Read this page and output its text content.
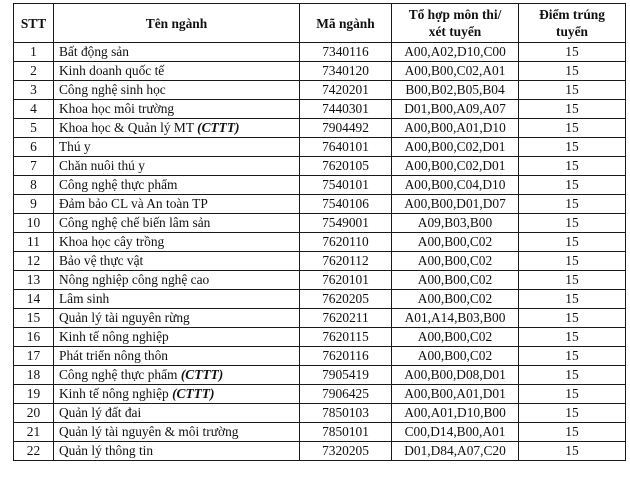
STT	Tên ngành	Mã ngành	Tổ hợp môn thi/ xét tuyển	Điểm trúng tuyển
1	Bất động sản	7340116	A00,A02,D10,C00	15
2	Kinh doanh quốc tế	7340120	A00,B00,C02,A01	15
3	Công nghệ sinh học	7420201	B00,B02,B05,B04	15
4	Khoa học môi trường	7440301	D01,B00,A09,A07	15
5	Khoa học & Quản lý MT (CTTT)	7904492	A00,B00,A01,D10	15
6	Thú y	7640101	A00,B00,C02,D01	15
7	Chăn nuôi thú y	7620105	A00,B00,C02,D01	15
8	Công nghệ thực phẩm	7540101	A00,B00,C04,D10	15
9	Đảm bảo CL và An toàn TP	7540106	A00,B00,D01,D07	15
10	Công nghệ chế biến lâm sản	7549001	A09,B03,B00	15
11	Khoa học cây trồng	7620110	A00,B00,C02	15
12	Bảo vệ thực vật	7620112	A00,B00,C02	15
13	Nông nghiệp công nghệ cao	7620101	A00,B00,C02	15
14	Lâm sinh	7620205	A00,B00,C02	15
15	Quản lý tài nguyên rừng	7620211	A01,A14,B03,B00	15
16	Kinh tế nông nghiệp	7620115	A00,B00,C02	15
17	Phát triển nông thôn	7620116	A00,B00,C02	15
18	Công nghệ thực phẩm (CTTT)	7905419	A00,B00,D08,D01	15
19	Kinh tế nông nghiệp (CTTT)	7906425	A00,B00,A01,D01	15
20	Quản lý đất đai	7850103	A00,A01,D10,B00	15
21	Quản lý tài nguyên & môi trường	7850101	C00,D14,B00,A01	15
22	Quản lý thông tin	7320205	D01,D84,A07,C20	15
